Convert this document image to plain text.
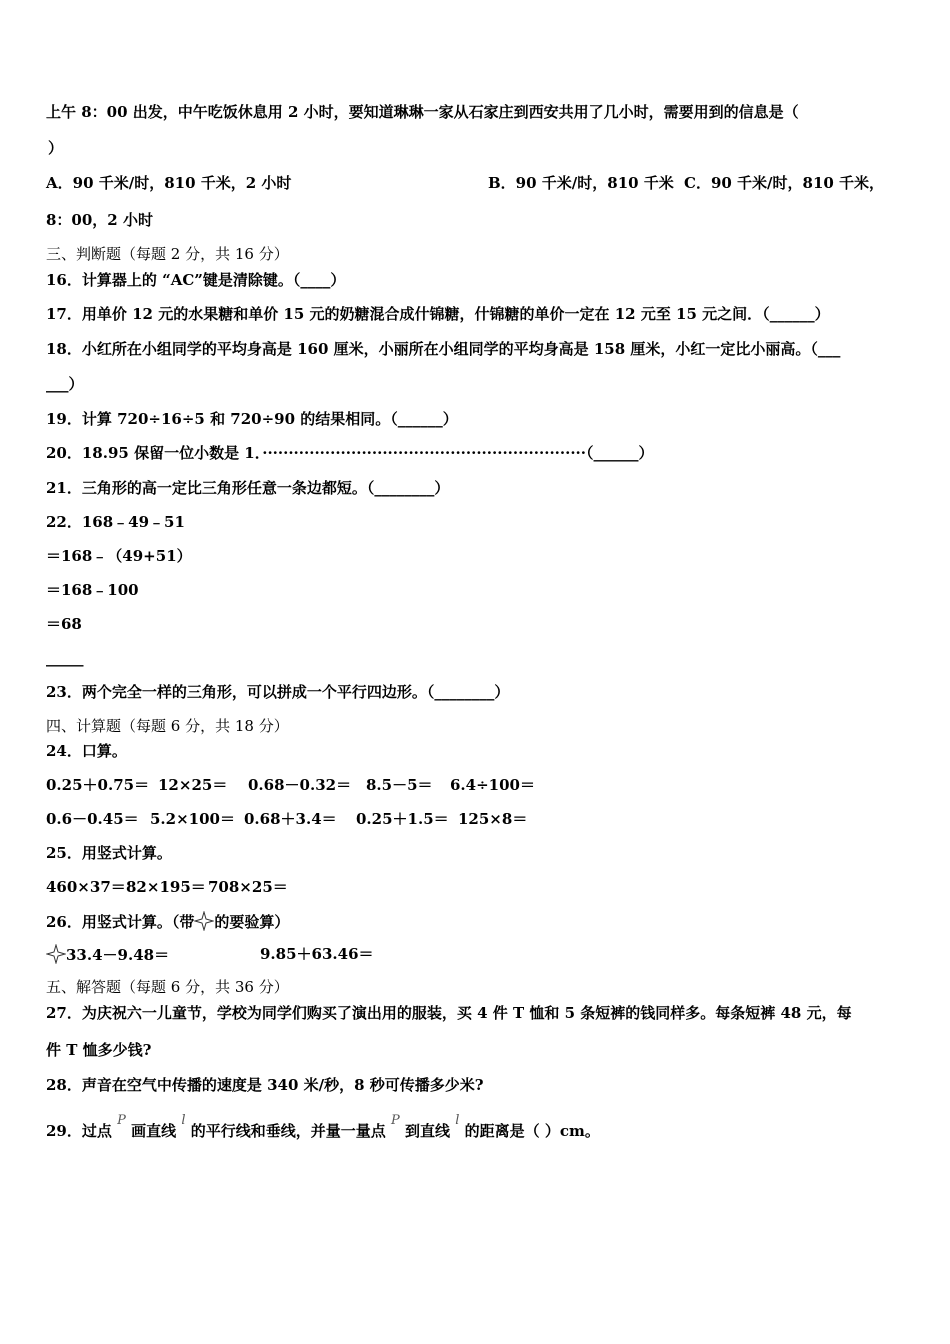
上午 8：00 出发，中午吃饭休息用 2 小时，要知道琳琳一家从石家庄到西安共用了几小时，需要用到的信息是（
）
A．90 千米/时，810 千米，2 小时	B．90 千米/时，810 千米 C．90 千米/时，810 千米，
8：00，2 小时
三、判断题（每题 2 分，共 16 分）
16．计算器上的 “AC”键是清除键。（____）
17．用单价 12 元的水果糖和单价 15 元的奶糖混合成什锦糖，什锦糖的单价一定在 12 元至 15 元之间．（______）
18．小红所在小组同学的平均身高是 160 厘米，小丽所在小组同学的平均身高是 158 厘米，小红一定比小丽高。（___
___）
19．计算 720÷16÷5 和 720÷90 的结果相同。（______）
20．18.95 保留一位小数是 1．······························································（______）
21．三角形的高一定比三角形任意一条边都短。（________）
22．168﹣49﹣51
＝168﹣（49+51）
＝168﹣100
＝68
_____
23．两个完全一样的三角形，可以拼成一个平行四边形。（________）
四、计算题（每题 6 分，共 18 分）
24．口算。
0.25＋0.75＝ 12×25＝ 0.68－0.32＝ 8.5－5＝ 6.4÷100＝
0.6－0.45＝ 5.2×100＝ 0.68＋3.4＝ 0.25＋1.5＝ 125×8＝
25．用竖式计算。
460×37＝ 82×195＝ 708×25＝
26．用竖式计算。（带 的要验算）
33.4－9.48＝	9.85＋63.46＝
五、解答题（每题 6 分，共 36 分）
27．为庆祝六一儿童节，学校为同学们购买了演出用的服装，买 4 件 T 恤和 5 条短裤的钱同样多。每条短裤 48 元，每
件 T 恤多少钱?
28．声音在空气中传播的速度是 340 米/秒，8 秒可传播多少米?
29．过点 P 画直线 l 的平行线和垂线，并量一量点 P 到直线 l 的距离是（ ）cm。
